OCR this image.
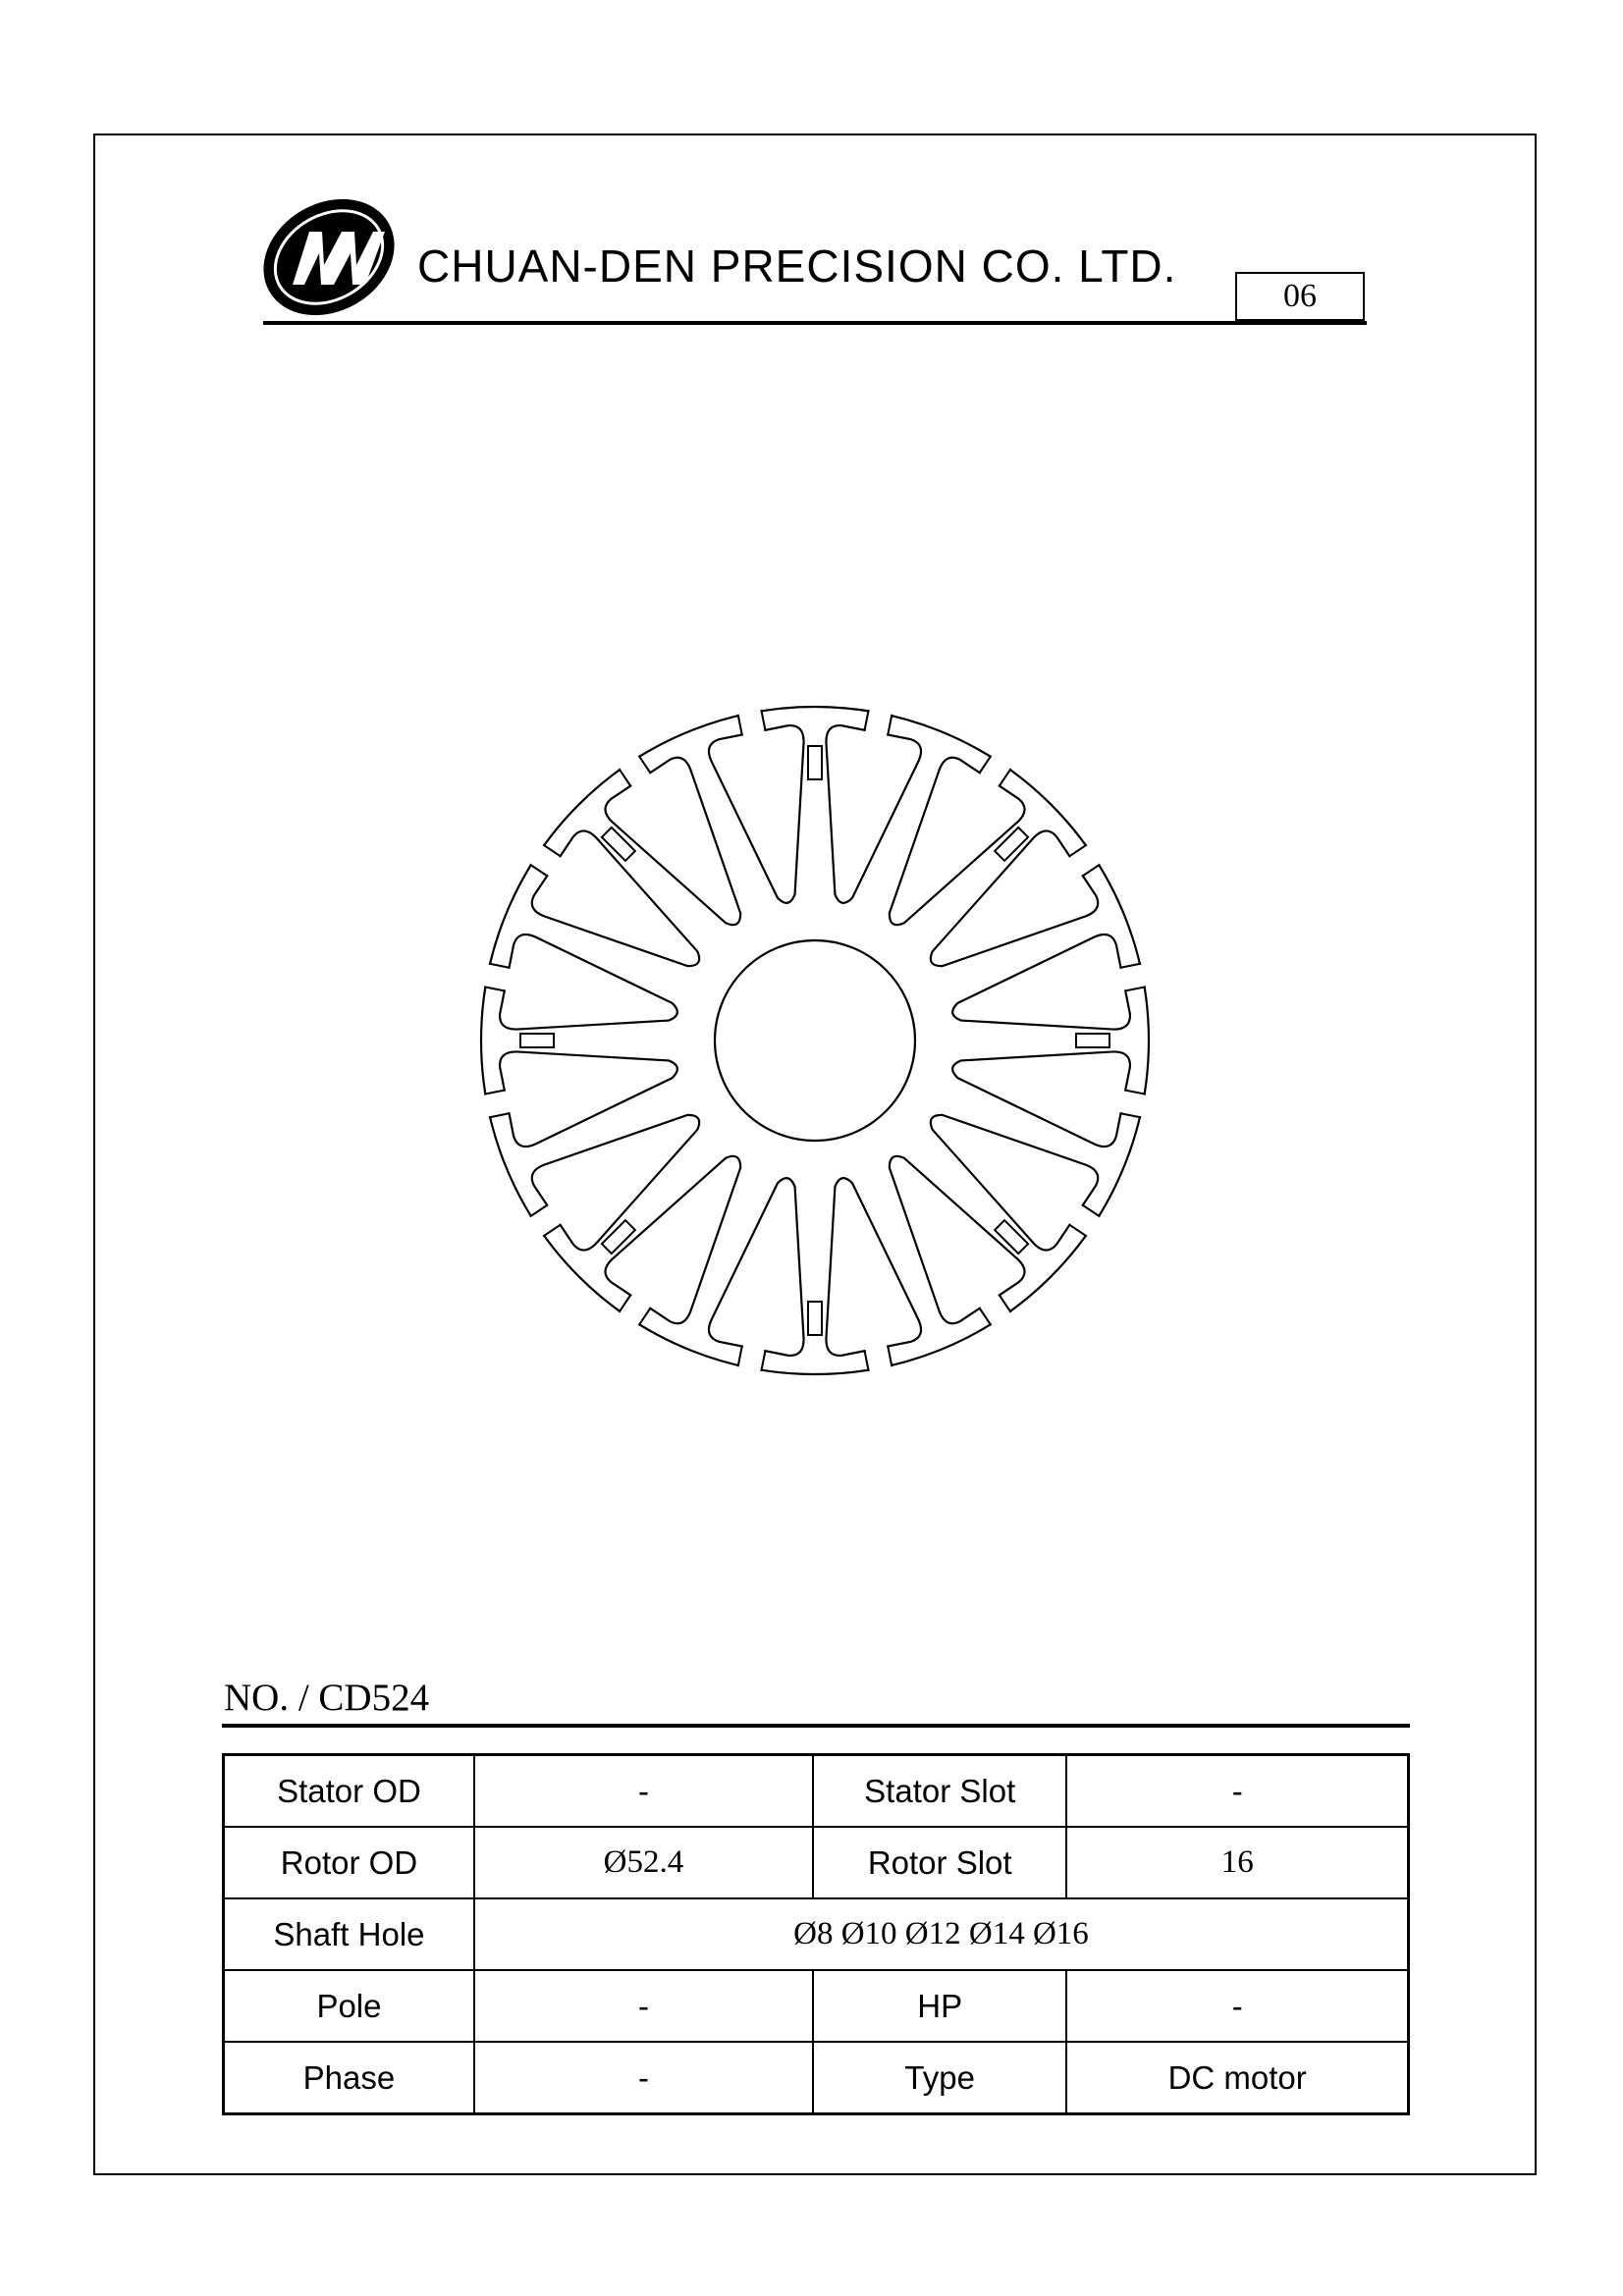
CHUAN-DEN PRECISION CO. LTD.
06
NO. / CD524
Stator OD	-	Stator Slot	-
Rotor OD	Ø52.4	Rotor Slot	16
Shaft Hole	Ø8 Ø10 Ø12 Ø14 Ø16		
Pole	-	HP	-
Phase	-	Type	DC motor
